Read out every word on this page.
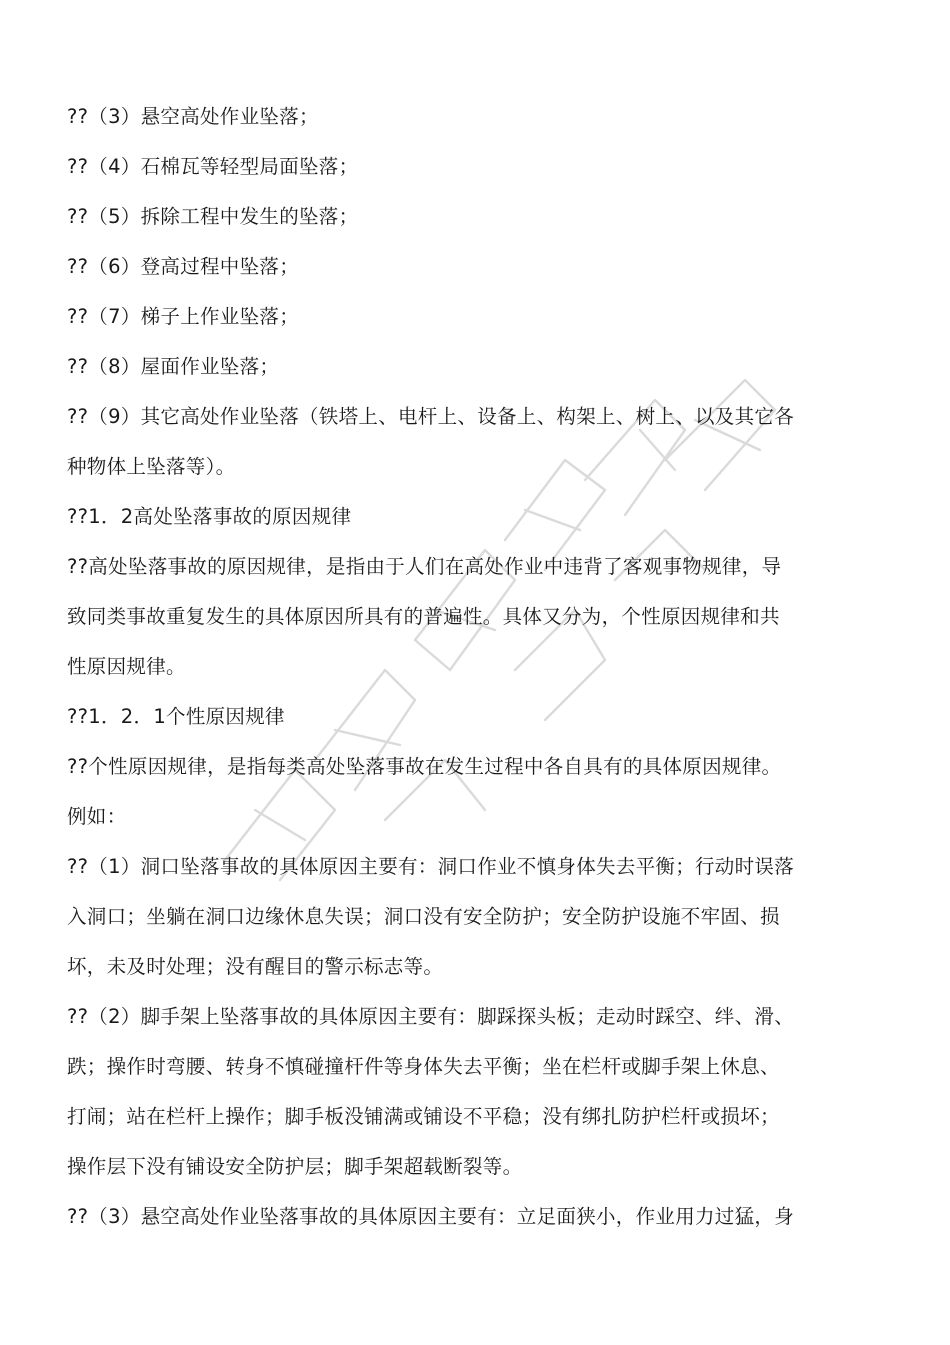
??（3）悬空高处作业坠落；
??（4）石棉瓦等轻型局面坠落；
??（5）拆除工程中发生的坠落；
??（6）登高过程中坠落；
??（7）梯子上作业坠落；
??（8）屋面作业坠落；
??（9）其它高处作业坠落（铁塔上、电杆上、设备上、构架上、树上、以及其它各
种物体上坠落等）。
??1．2高处坠落事故的原因规律
??高处坠落事故的原因规律，是指由于人们在高处作业中违背了客观事物规律，导
致同类事故重复发生的具体原因所具有的普遍性。具体又分为，个性原因规律和共
性原因规律。
??1．2．1个性原因规律
??个性原因规律，是指每类高处坠落事故在发生过程中各自具有的具体原因规律。
例如：
??（1）洞口坠落事故的具体原因主要有：洞口作业不慎身体失去平衡；行动时误落
入洞口；坐躺在洞口边缘休息失误；洞口没有安全防护；安全防护设施不牢固、损
坏，未及时处理；没有醒目的警示标志等。
??（2）脚手架上坠落事故的具体原因主要有：脚踩探头板；走动时踩空、绊、滑、
跌；操作时弯腰、转身不慎碰撞杆件等身体失去平衡；坐在栏杆或脚手架上休息、
打闹；站在栏杆上操作；脚手板没铺满或铺设不平稳；没有绑扎防护栏杆或损坏；
操作层下没有铺设安全防护层；脚手架超载断裂等。
??（3）悬空高处作业坠落事故的具体原因主要有：立足面狭小，作业用力过猛，身
